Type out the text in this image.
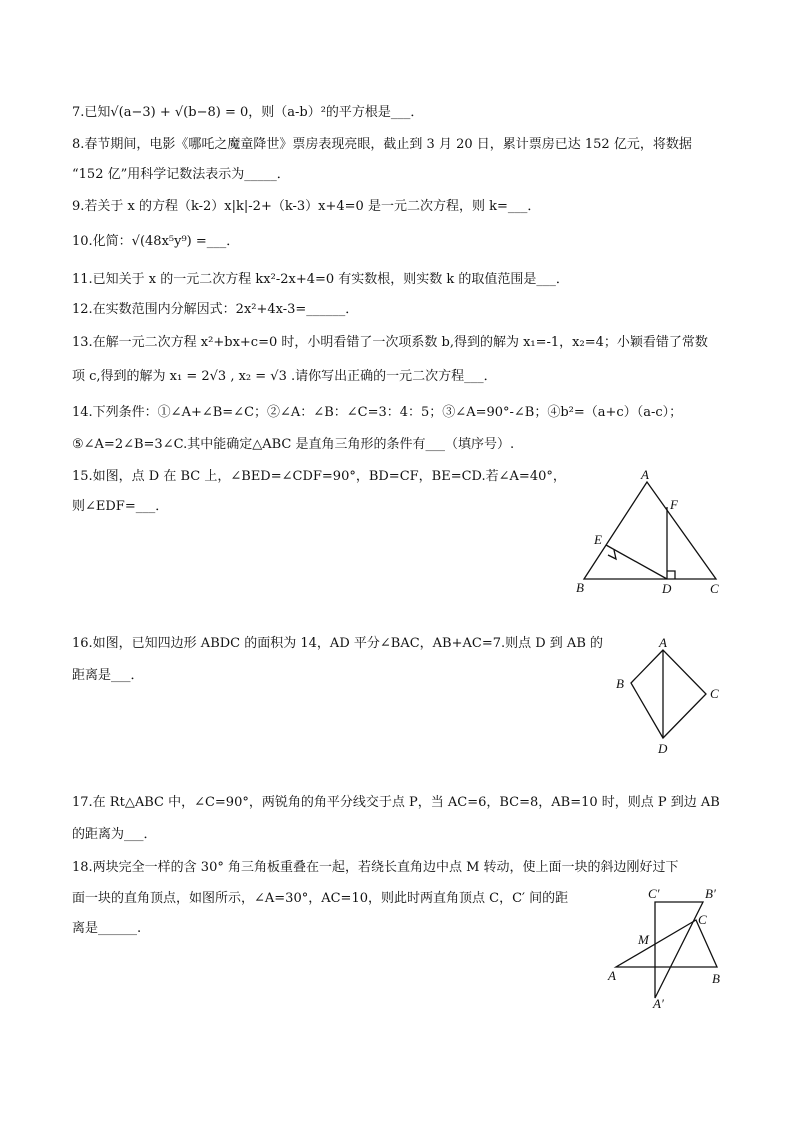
7.已知√(a−3) + √(b−8) = 0，则（a-b）²的平方根是___．
8.春节期间，电影《哪吒之魔童降世》票房表现亮眼，截止到 3 月 20 日，累计票房已达 152 亿元，将数据
“152 亿”用科学记数法表示为_____．
9.若关于 x 的方程（k-2）x|k|-2+（k-3）x+4=0 是一元二次方程，则 k=___．
10.化简：√(48x⁵y⁹) =___．
11.已知关于 x 的一元二次方程 kx²-2x+4=0 有实数根，则实数 k 的取值范围是___．
12.在实数范围内分解因式：2x²+4x-3=______．
13.在解一元二次方程 x²+bx+c=0 时，小明看错了一次项系数 b,得到的解为 x₁=-1，x₂=4；小颖看错了常数
项 c,得到的解为 x₁ = 2√3 , x₂ = √3 .请你写出正确的一元二次方程___．
14.下列条件：①∠A+∠B=∠C；②∠A：∠B：∠C=3：4：5；③∠A=90°-∠B；④b²=（a+c）（a-c）；
⑤∠A=2∠B=3∠C.其中能确定△ABC 是直角三角形的条件有___（填序号）.
15.如图，点 D 在 BC 上，∠BED=∠CDF=90°，BD=CF，BE=CD.若∠A=40°，
则∠EDF=___．
A
F
E
B	D	C
16.如图，已知四边形 ABDC 的面积为 14，AD 平分∠BAC，AB+AC=7.则点 D 到 AB 的
距离是___．
A
B
C
D
17.在 Rt△ABC 中，∠C=90°，两锐角的角平分线交于点 P，当 AC=6，BC=8，AB=10 时，则点 P 到边 AB
的距离为___．
18.两块完全一样的含 30° 角三角板重叠在一起，若绕长直角边中点 M 转动，使上面一块的斜边刚好过下
面一块的直角顶点，如图所示，∠A=30°，AC=10，则此时两直角顶点 C，C′ 间的距
离是______.
C′	B′
C
M
A	B
A′
